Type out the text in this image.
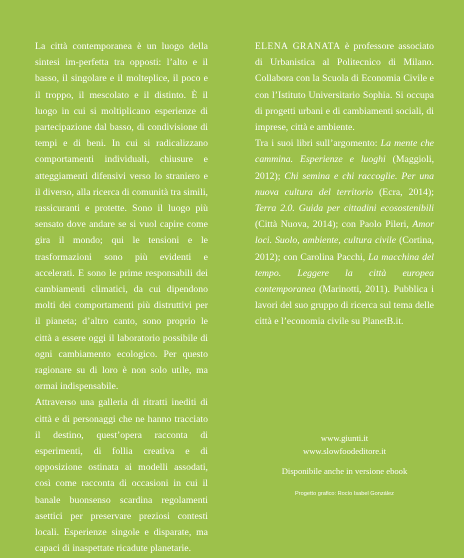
La città contemporanea è un luogo della sintesi im-perfetta tra opposti: l’alto e il basso, il singolare e il molteplice, il poco e il troppo, il mescolato e il distinto. È il luogo in cui si moltiplicano esperienze di partecipazione dal basso, di condivisione di tempi e di beni. In cui si radicalizzano comportamenti individuali, chiusure e atteggiamenti difensivi verso lo straniero e il diverso, alla ricerca di comunità tra simili, rassicuranti e protette. Sono il luogo più sensato dove andare se si vuol capire come gira il mondo; qui le tensioni e le trasformazioni sono più evidenti e accelerati. E sono le prime responsabili dei cambiamenti climatici, da cui dipendono molti dei comportamenti più distruttivi per il pianeta; d’altro canto, sono proprio le città a essere oggi il laboratorio possibile di ogni cambiamento ecologico. Per questo ragionare su di loro è non solo utile, ma ormai indispensabile.

Attraverso una galleria di ritratti inediti di città e di personaggi che ne hanno tracciato il destino, quest’opera racconta di esperimenti, di follia creativa e di opposizione ostinata ai modelli assodati, così come racconta di occasioni in cui il banale buonsenso scardina regolamenti asettici per preservare preziosi contesti locali. Esperienze singole e disparate, ma capaci di inaspettate ricadute planetarie.

ELENA GRANATA è professore associato di Urbanistica al Politecnico di Milano. Collabora con la Scuola di Economia Civile e con l’Istituto Universitario Sophia. Si occupa di progetti urbani e di cambiamenti sociali, di imprese, città e ambiente.

Tra i suoi libri sull’argomento: La mente che cammina. Esperienze e luoghi (Maggioli, 2012); Chi semina e chi raccoglie. Per una nuova cultura del territorio (Ecra, 2014); Terra 2.0. Guida per cittadini ecosostenibili (Città Nuova, 2014); con Paolo Pileri, Amor loci. Suolo, ambiente, cultura civile (Cortina, 2012); con Carolina Pacchi, La macchina del tempo. Leggere la città europea contemporanea (Marinotti, 2011). Pubblica i lavori del suo gruppo di ricerca sul tema delle città e l’economia civile su PlanetB.it.

www.giunti.it
www.slowfoodeditore.it
Disponibile anche in versione ebook
Progetto grafico: Rocío Isabel González
